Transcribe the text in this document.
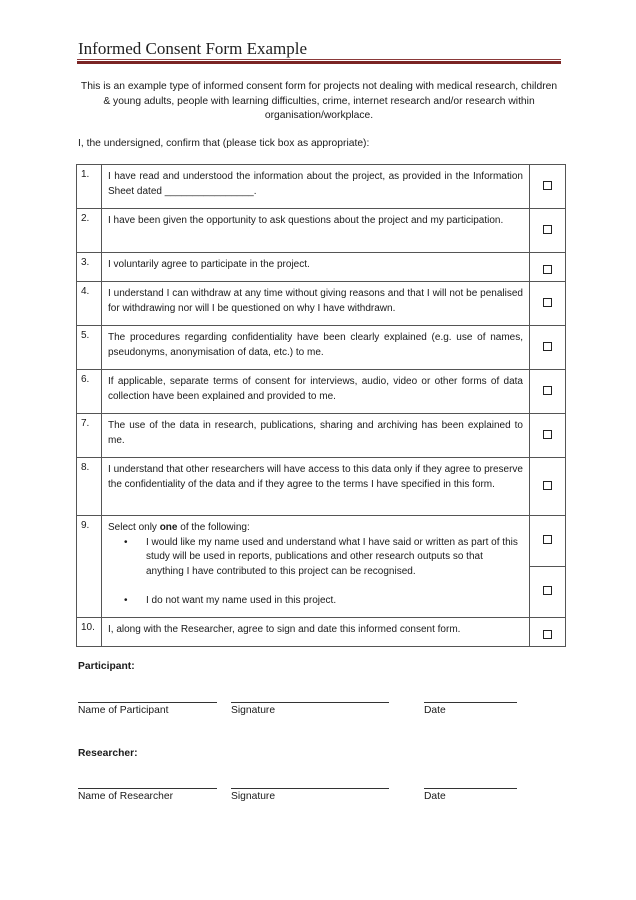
Informed Consent Form Example
This is an example type of informed consent form for projects not dealing with medical research, children & young adults, people with learning difficulties, crime, internet research and/or research within organisation/workplace.
I, the undersigned, confirm that (please tick box as appropriate):
1.	I have read and understood the information about the project, as provided in the Information Sheet dated ________________.	
2.	I have been given the opportunity to ask questions about the project and my participation.	
3.	I voluntarily agree to participate in the project.	
4.	I understand I can withdraw at any time without giving reasons and that I will not be penalised for withdrawing nor will I be questioned on why I have withdrawn.	
5.	The procedures regarding confidentiality have been clearly explained (e.g. use of names, pseudonyms, anonymisation of data, etc.) to me.	
6.	If applicable, separate terms of consent for interviews, audio, video or other forms of data collection have been explained and provided to me.	
7.	The use of the data in research, publications, sharing and archiving has been explained to me.	
8.	I understand that other researchers will have access to this data only if they agree to preserve the confidentiality of the data and if they agree to the terms I have specified in this form.	
9.	Select only one of the following:
• I would like my name used and understand what I have said or written as part of this study will be used in reports, publications and other research outputs so that anything I have contributed to this project can be recognised.
• I do not want my name used in this project.	

10.	I, along with the Researcher, agree to sign and date this informed consent form.	
Participant:
Name of Participant	Signature	Date
Researcher:
Name of Researcher	Signature	Date
